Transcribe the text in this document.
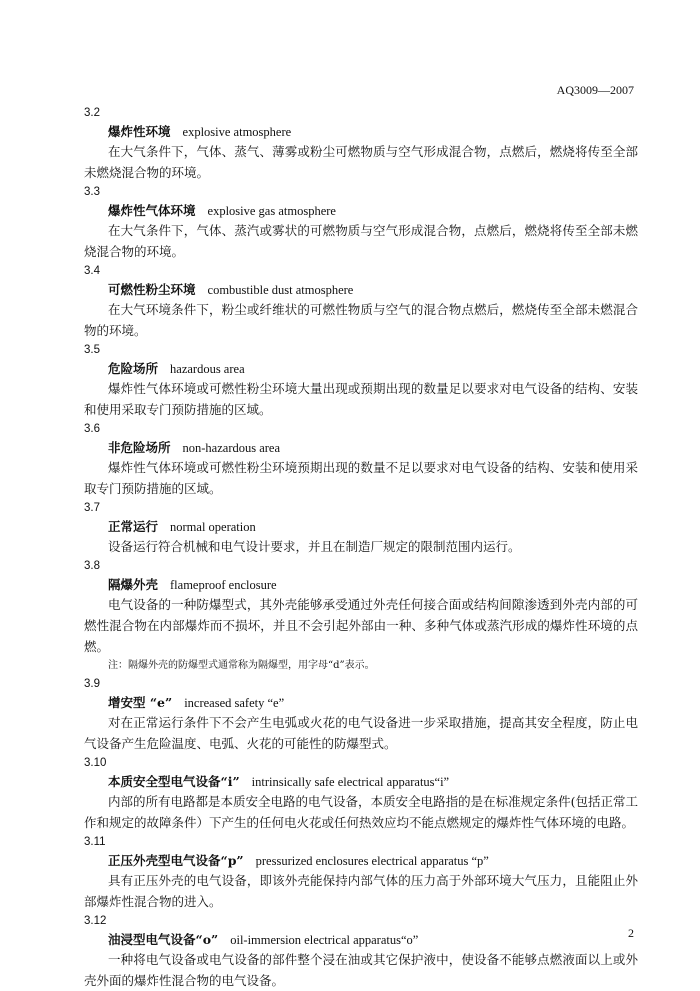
AQ3009—2007
3.2
爆炸性环境 explosive atmosphere
在大气条件下，气体、蒸气、薄雾或粉尘可燃物质与空气形成混合物，点燃后，燃烧将传至全部未燃烧混合物的环境。
3.3
爆炸性气体环境 explosive gas atmosphere
在大气条件下，气体、蒸汽或雾状的可燃物质与空气形成混合物，点燃后，燃烧将传至全部未燃烧混合物的环境。
3.4
可燃性粉尘环境 combustible dust atmosphere
在大气环境条件下，粉尘或纤维状的可燃性物质与空气的混合物点燃后，燃烧传至全部未燃混合物的环境。
3.5
危险场所 hazardous area
爆炸性气体环境或可燃性粉尘环境大量出现或预期出现的数量足以要求对电气设备的结构、安装和使用采取专门预防措施的区域。
3.6
非危险场所 non-hazardous area
爆炸性气体环境或可燃性粉尘环境预期出现的数量不足以要求对电气设备的结构、安装和使用采取专门预防措施的区域。
3.7
正常运行 normal operation
设备运行符合机械和电气设计要求，并且在制造厂规定的限制范围内运行。
3.8
隔爆外壳 flameproof enclosure
电气设备的一种防爆型式，其外壳能够承受通过外壳任何接合面或结构间隙渗透到外壳内部的可燃性混合物在内部爆炸而不损坏，并且不会引起外部由一种、多种气体或蒸汽形成的爆炸性环境的点燃。
注：隔爆外壳的防爆型式通常称为隔爆型，用字母“d”表示。
3.9
增安型 “e” increased safety “e”
对在正常运行条件下不会产生电弧或火花的电气设备进一步采取措施，提高其安全程度，防止电气设备产生危险温度、电弧、火花的可能性的防爆型式。
3.10
本质安全型电气设备“i” intrinsically safe electrical apparatus“i”
内部的所有电路都是本质安全电路的电气设备，本质安全电路指的是在标准规定条件(包括正常工作和规定的故障条件）下产生的任何电火花或任何热效应均不能点燃规定的爆炸性气体环境的电路。
3.11
正压外壳型电气设备“p” pressurized enclosures electrical apparatus “p”
具有正压外壳的电气设备，即该外壳能保持内部气体的压力高于外部环境大气压力，且能阻止外部爆炸性混合物的进入。
3.12
油浸型电气设备“o” oil-immersion electrical apparatus“o”
一种将电气设备或电气设备的部件整个浸在油或其它保护液中，使设备不能够点燃液面以上或外壳外面的爆炸性混合物的电气设备。
2
